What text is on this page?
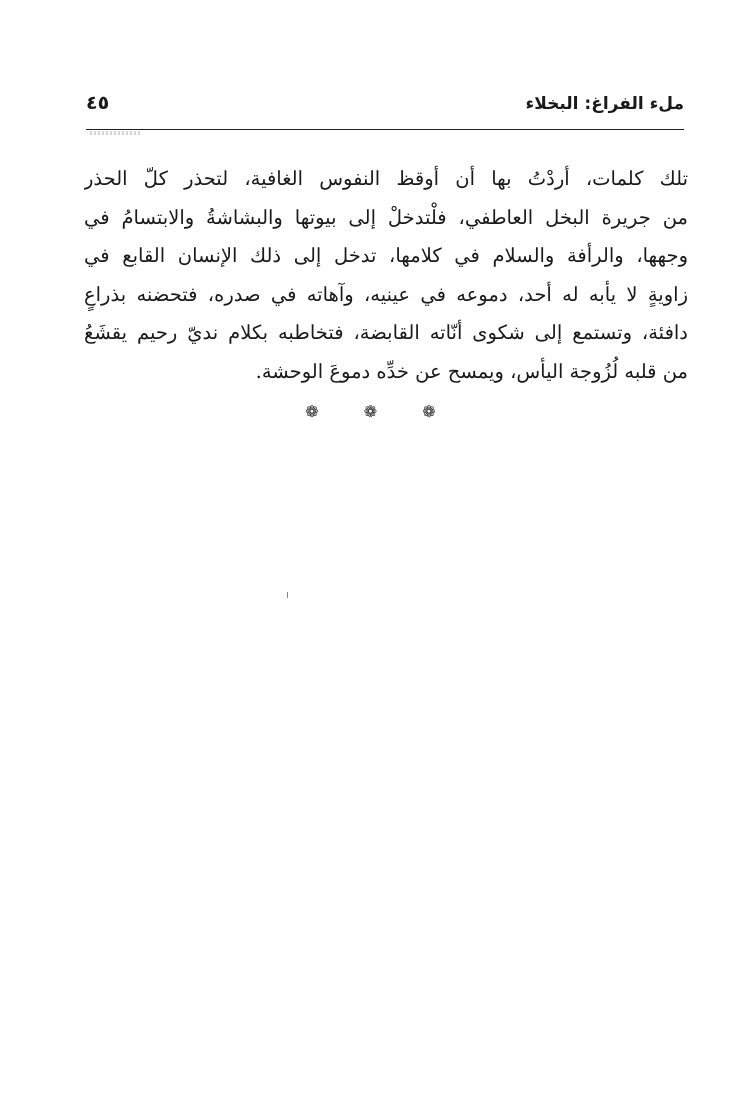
ملء الفراغ: البخلاء
٤٥
تلك كلمات، أردْتُ بها أن أوقظ النفوس الغافية، لتحذر كلّ الحذر
من جريرة البخل العاطفي، فلْتدخلْ إلى بيوتها والبشاشةُ والابتسامُ في
وجهها، والرأفة والسلام في كلامها، تدخل إلى ذلك الإنسان القابع في
زاويةٍ لا يأبه له أحد، دموعه في عينيه، وآهاته في صدره، فتحضنه بذراعٍ
دافئة، وتستمع إلى شكوى أنّاته القابضة، فتخاطبه بكلام نديّ رحيم يقشَعُ
من قلبه لُزُوجة اليأس، ويمسح عن خدِّه دموعَ الوحشة.
❁ ❁ ❁
